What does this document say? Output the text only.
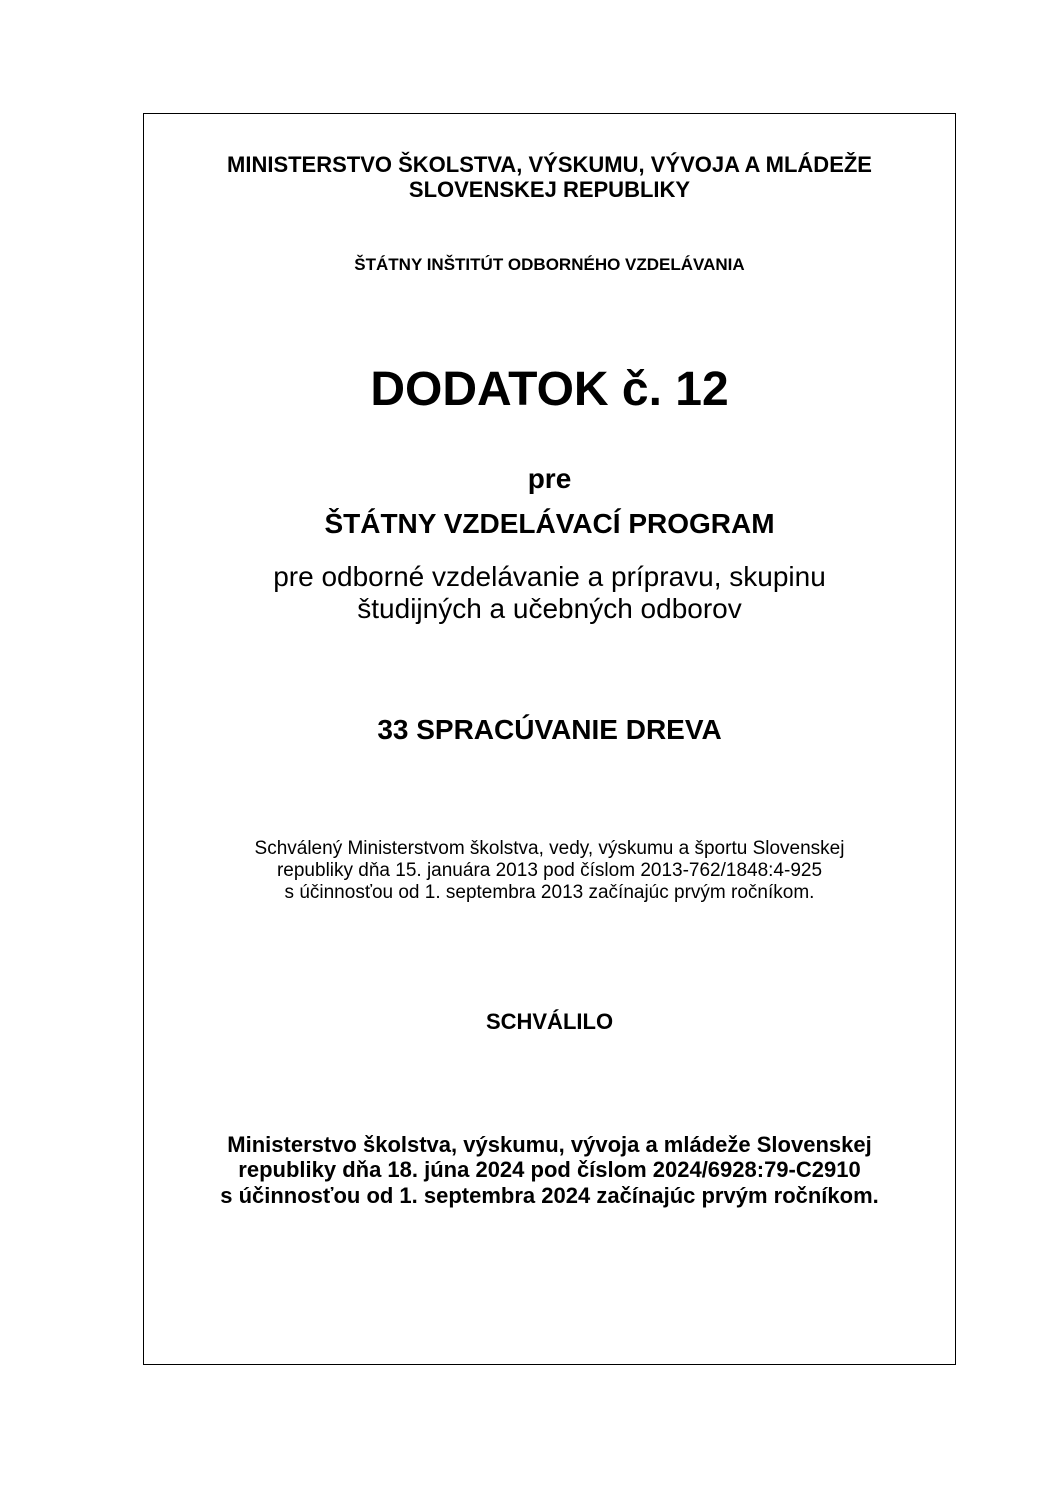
MINISTERSTVO ŠKOLSTVA, VÝSKUMU, VÝVOJA A MLÁDEŽE
SLOVENSKEJ REPUBLIKY
ŠTÁTNY INŠTITÚT ODBORNÉHO VZDELÁVANIA
DODATOK č. 12
pre
ŠTÁTNY VZDELÁVACÍ PROGRAM
pre odborné vzdelávanie a prípravu, skupinu
študijných a učebných odborov
33 SPRACÚVANIE DREVA
Schválený Ministerstvom školstva, vedy, výskumu a športu Slovenskej
republiky dňa 15. januára 2013 pod číslom 2013-762/1848:4-925
s účinnosťou od 1. septembra 2013 začínajúc prvým ročníkom.
SCHVÁLILO
Ministerstvo školstva, výskumu, vývoja a mládeže Slovenskej
republiky dňa 18. júna 2024 pod číslom 2024/6928:79-C2910
s účinnosťou od 1. septembra 2024 začínajúc prvým ročníkom.
